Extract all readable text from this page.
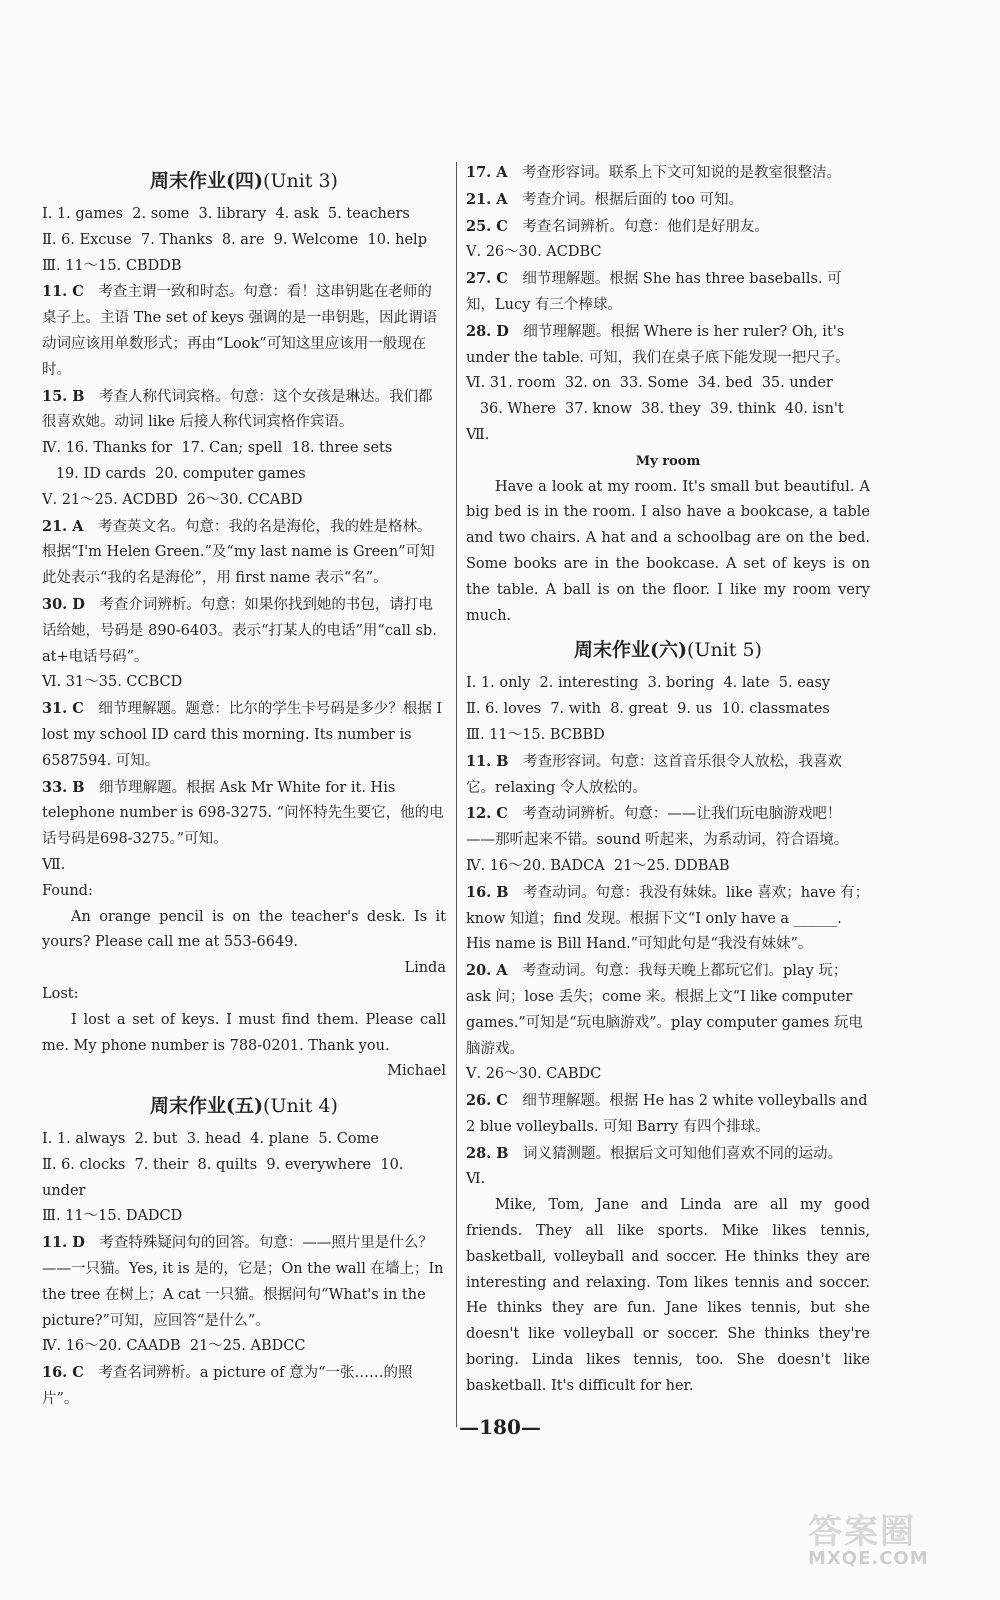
周末作业(四)(Unit 3)
Ⅰ. 1. games  2. some  3. library  4. ask  5. teachers
Ⅱ. 6. Excuse  7. Thanks  8. are  9. Welcome  10. help
Ⅲ. 11～15. CBDDB
11. C　 考查主谓一致和时态。句意：看！这串钥匙在老师的桌子上。主语 The set of keys 强调的是一串钥匙，因此谓语动词应该用单数形式；再由“Look”可知这里应该用一般现在时。
15. B　 考查人称代词宾格。句意：这个女孩是琳达。我们都很喜欢她。动词 like 后接人称代词宾格作宾语。
Ⅳ. 16. Thanks for  17. Can; spell  18. three sets
19. ID cards  20. computer games
Ⅴ. 21～25. ACDBD  26～30. CCABD
21. A　 考查英文名。句意：我的名是海伦，我的姓是格林。根据“I'm Helen Green.”及“my last name is Green”可知此处表示“我的名是海伦”，用 first name 表示“名”。
30. D　 考查介词辨析。句意：如果你找到她的书包，请打电话给她，号码是 890-6403。表示“打某人的电话”用“call sb. at+电话号码”。
Ⅵ. 31～35. CCBCD
31. C　 细节理解题。题意：比尔的学生卡号码是多少？根据 I lost my school ID card this morning. Its number is 6587594. 可知。
33. B　 细节理解题。根据 Ask Mr White for it. His telephone number is 698-3275. “问怀特先生要它，他的电话号码是698-3275。”可知。
Ⅶ.
Found:
An orange pencil is on the teacher's desk. Is it yours? Please call me at 553-6649.
Linda
Lost:
I lost a set of keys. I must find them. Please call me. My phone number is 788-0201. Thank you.
Michael
周末作业(五)(Unit 4)
Ⅰ. 1. always  2. but  3. head  4. plane  5. Come
Ⅱ. 6. clocks  7. their  8. quilts  9. everywhere  10. under
Ⅲ. 11～15. DADCD
11. D　 考查特殊疑问句的回答。句意：——照片里是什么？——一只猫。Yes, it is 是的，它是；On the wall 在墙上；In the tree 在树上；A cat 一只猫。根据问句“What's in the picture?”可知，应回答“是什么”。
Ⅳ. 16～20. CAADB  21～25. ABDCC
16. C　 考查名词辨析。a picture of 意为“一张……的照片”。
17. A　 考查形容词。联系上下文可知说的是教室很整洁。
21. A　 考查介词。根据后面的 too 可知。
25. C　 考查名词辨析。句意：他们是好朋友。
Ⅴ. 26～30. ACDBC
27. C　 细节理解题。根据 She has three baseballs. 可知，Lucy 有三个棒球。
28. D　 细节理解题。根据 Where is her ruler? Oh, it's under the table. 可知，我们在桌子底下能发现一把尺子。
Ⅵ. 31. room  32. on  33. Some  34. bed  35. under
36. Where  37. know  38. they  39. think  40. isn't
Ⅶ.
My room
Have a look at my room. It's small but beautiful. A big bed is in the room. I also have a bookcase, a table and two chairs. A hat and a schoolbag are on the bed. Some books are in the bookcase. A set of keys is on the table. A ball is on the floor. I like my room very much.
周末作业(六)(Unit 5)
Ⅰ. 1. only  2. interesting  3. boring  4. late  5. easy
Ⅱ. 6. loves  7. with  8. great  9. us  10. classmates
Ⅲ. 11～15. BCBBD
11. B　 考查形容词。句意：这首音乐很令人放松，我喜欢它。relaxing 令人放松的。
12. C　 考查动词辨析。句意：——让我们玩电脑游戏吧！——那听起来不错。sound 听起来，为系动词，符合语境。
Ⅳ. 16～20. BADCA  21～25. DDBAB
16. B　 考查动词。句意：我没有妹妹。like 喜欢；have 有；know 知道；find 发现。根据下文“I only have a ______. His name is Bill Hand.”可知此句是“我没有妹妹”。
20. A　 考查动词。句意：我每天晚上都玩它们。play 玩；ask 问；lose 丢失；come 来。根据上文“I like computer games.”可知是“玩电脑游戏”。play computer games 玩电脑游戏。
Ⅴ. 26～30. CABDC
26. C　 细节理解题。根据 He has 2 white volleyballs and 2 blue volleyballs. 可知 Barry 有四个排球。
28. B　 词义猜测题。根据后文可知他们喜欢不同的运动。
Ⅵ.
Mike, Tom, Jane and Linda are all my good friends. They all like sports. Mike likes tennis, basketball, volleyball and soccer. He thinks they are interesting and relaxing. Tom likes tennis and soccer. He thinks they are fun. Jane likes tennis, but she doesn't like volleyball or soccer. She thinks they're boring. Linda likes tennis, too. She doesn't like basketball. It's difficult for her.
—180—
答案圈
MXQE.COM
